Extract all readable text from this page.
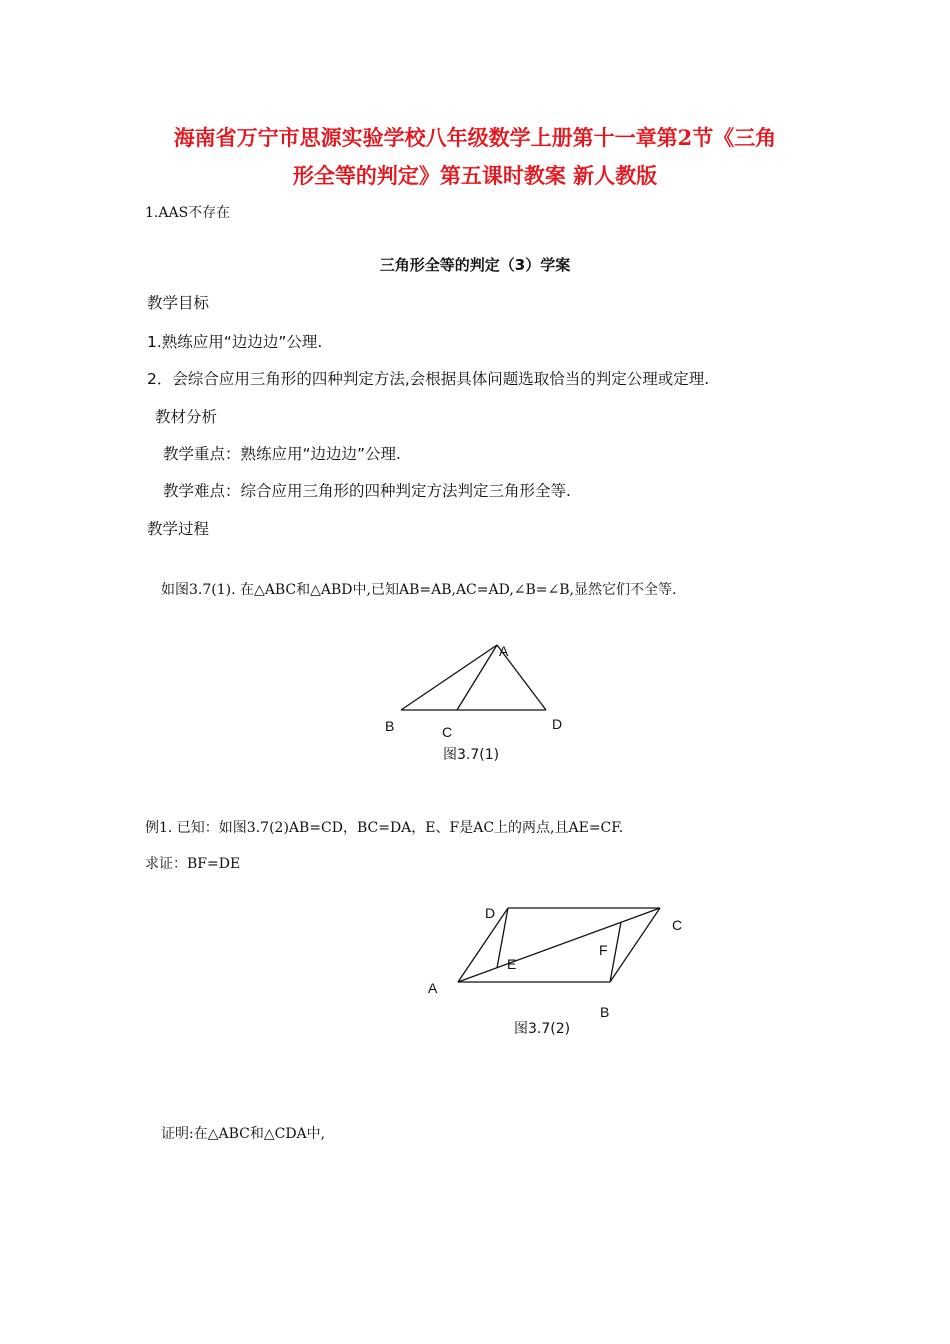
海南省万宁市思源实验学校八年级数学上册第十一章第2节《三角
形全等的判定》第五课时教案 新人教版
1.AAS不存在
三角形全等的判定（3）学案
教学目标
1.熟练应用“边边边”公理.
2．会综合应用三角形的四种判定方法,会根据具体问题选取恰当的判定公理或定理.
教材分析
教学重点：熟练应用“边边边”公理.
教学难点：综合应用三角形的四种判定方法判定三角形全等.
教学过程
如图3.7(1). 在△ABC和△ABD中,已知AB=AB,AC=AD,∠B=∠B,显然它们不全等.
A
B	C	D
图3.7(1)
例1. 已知：如图3.7(2)AB=CD，BC=DA，E、F是AC上的两点,且AE=CF.
求证：BF=DE
D
C
F
E
A
B
图3.7(2)
证明:在△ABC和△CDA中,
